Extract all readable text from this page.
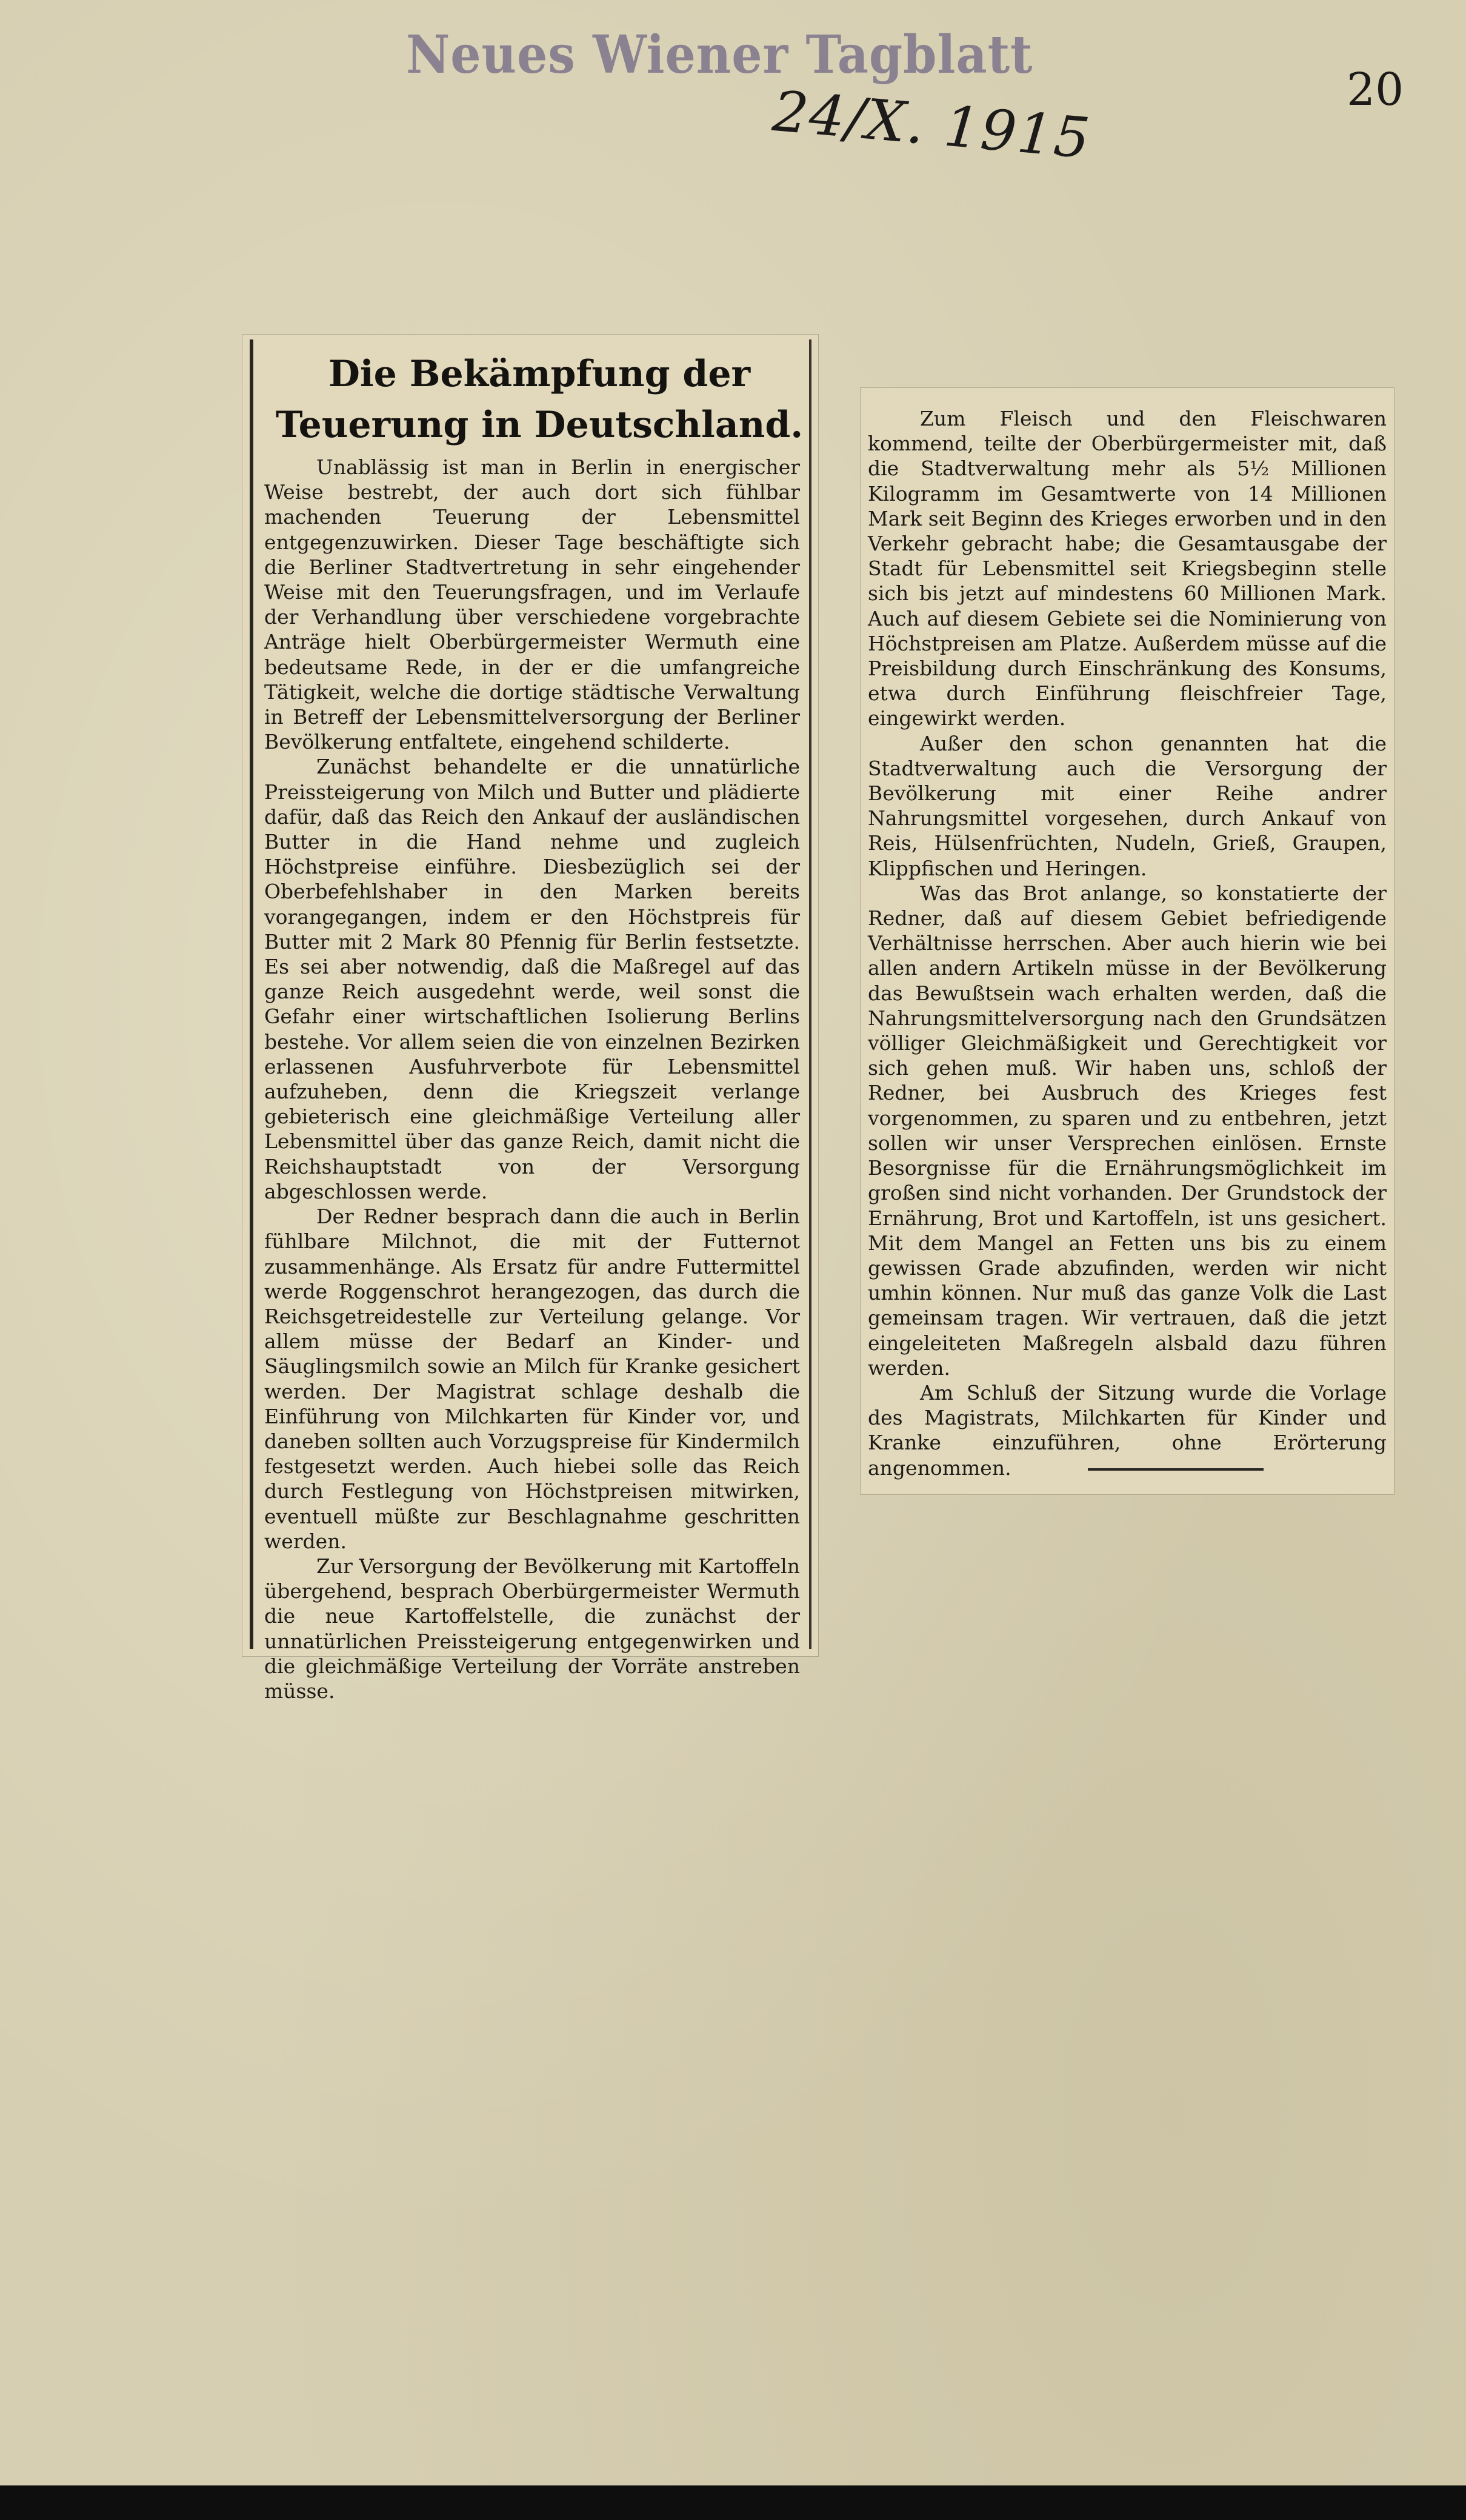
Neues Wiener Tagblatt
24/X. 1915	20
Die Bekämpfung der Teuerung in Deutschland.

Unablässig ist man in Berlin in energischer Weise bestrebt, der auch dort sich fühlbar machenden Teuerung der Lebensmittel entgegenzuwirken. Dieser Tage beschäftigte sich die Berliner Stadtvertretung in sehr eingehender Weise mit den Teuerungsfragen, und im Verlaufe der Verhandlung über verschiedene vorgebrachte Anträge hielt Oberbürgermeister Wermuth eine bedeutsame Rede, in der er die umfangreiche Tätigkeit, welche die dortige städtische Verwaltung in Betreff der Lebensmittelversorgung der Berliner Bevölkerung entfaltete, eingehend schilderte.

Zunächst behandelte er die unnatürliche Preissteigerung von Milch und Butter und plädierte dafür, daß das Reich den Ankauf der ausländischen Butter in die Hand nehme und zugleich Höchstpreise einführe. Diesbezüglich sei der Oberbefehlshaber in den Marken bereits vorangegangen, indem er den Höchstpreis für Butter mit 2 Mark 80 Pfennig für Berlin festsetzte. Es sei aber notwendig, daß die Maßregel auf das ganze Reich ausgedehnt werde, weil sonst die Gefahr einer wirtschaftlichen Isolierung Berlins bestehe. Vor allem seien die von einzelnen Bezirken erlassenen Ausfuhrverbote für Lebensmittel aufzuheben, denn die Kriegszeit verlange gebieterisch eine gleichmäßige Verteilung aller Lebensmittel über das ganze Reich, damit nicht die Reichshauptstadt von der Versorgung abgeschlossen werde.

Der Redner besprach dann die auch in Berlin fühlbare Milchnot, die mit der Futternot zusammenhänge. Als Ersatz für andre Futtermittel werde Roggenschrot herangezogen, das durch die Reichsgetreidestelle zur Verteilung gelange. Vor allem müsse der Bedarf an Kinder- und Säuglingsmilch sowie an Milch für Kranke gesichert werden. Der Magistrat schlage deshalb die Einführung von Milchkarten für Kinder vor, und daneben sollten auch Vorzugspreise für Kindermilch festgesetzt werden. Auch hiebei solle das Reich durch Festlegung von Höchstpreisen mitwirken, eventuell müßte zur Beschlagnahme geschritten werden.

Zur Versorgung der Bevölkerung mit Kartoffeln übergehend, besprach Oberbürgermeister Wermuth die neue Kartoffelstelle, die zunächst der unnatürlichen Preissteigerung entgegenwirken und die gleichmäßige Verteilung der Vorräte anstreben müsse.

Zum Fleisch und den Fleischwaren kommend, teilte der Oberbürgermeister mit, daß die Stadtverwaltung mehr als 5½ Millionen Kilogramm im Gesamtwerte von 14 Millionen Mark seit Beginn des Krieges erworben und in den Verkehr gebracht habe; die Gesamtausgabe der Stadt für Lebensmittel seit Kriegsbeginn stelle sich bis jetzt auf mindestens 60 Millionen Mark. Auch auf diesem Gebiete sei die Nominierung von Höchstpreisen am Platze. Außerdem müsse auf die Preisbildung durch Einschränkung des Konsums, etwa durch Einführung fleischfreier Tage, eingewirkt werden.

Außer den schon genannten hat die Stadtverwaltung auch die Versorgung der Bevölkerung mit einer Reihe andrer Nahrungsmittel vorgesehen, durch Ankauf von Reis, Hülsenfrüchten, Nudeln, Grieß, Graupen, Klippfischen und Heringen.

Was das Brot anlange, so konstatierte der Redner, daß auf diesem Gebiet befriedigende Verhältnisse herrschen. Aber auch hierin wie bei allen andern Artikeln müsse in der Bevölkerung das Bewußtsein wach erhalten werden, daß die Nahrungsmittelversorgung nach den Grundsätzen völliger Gleichmäßigkeit und Gerechtigkeit vor sich gehen muß. Wir haben uns, schloß der Redner, bei Ausbruch des Krieges fest vorgenommen, zu sparen und zu entbehren, jetzt sollen wir unser Versprechen einlösen. Ernste Besorgnisse für die Ernährungsmöglichkeit im großen sind nicht vorhanden. Der Grundstock der Ernährung, Brot und Kartoffeln, ist uns gesichert. Mit dem Mangel an Fetten uns bis zu einem gewissen Grade abzufinden, werden wir nicht umhin können. Nur muß das ganze Volk die Last gemeinsam tragen. Wir vertrauen, daß die jetzt eingeleiteten Maßregeln alsbald dazu führen werden.

Am Schluß der Sitzung wurde die Vorlage des Magistrats, Milchkarten für Kinder und Kranke einzuführen, ohne Erörterung angenommen.
